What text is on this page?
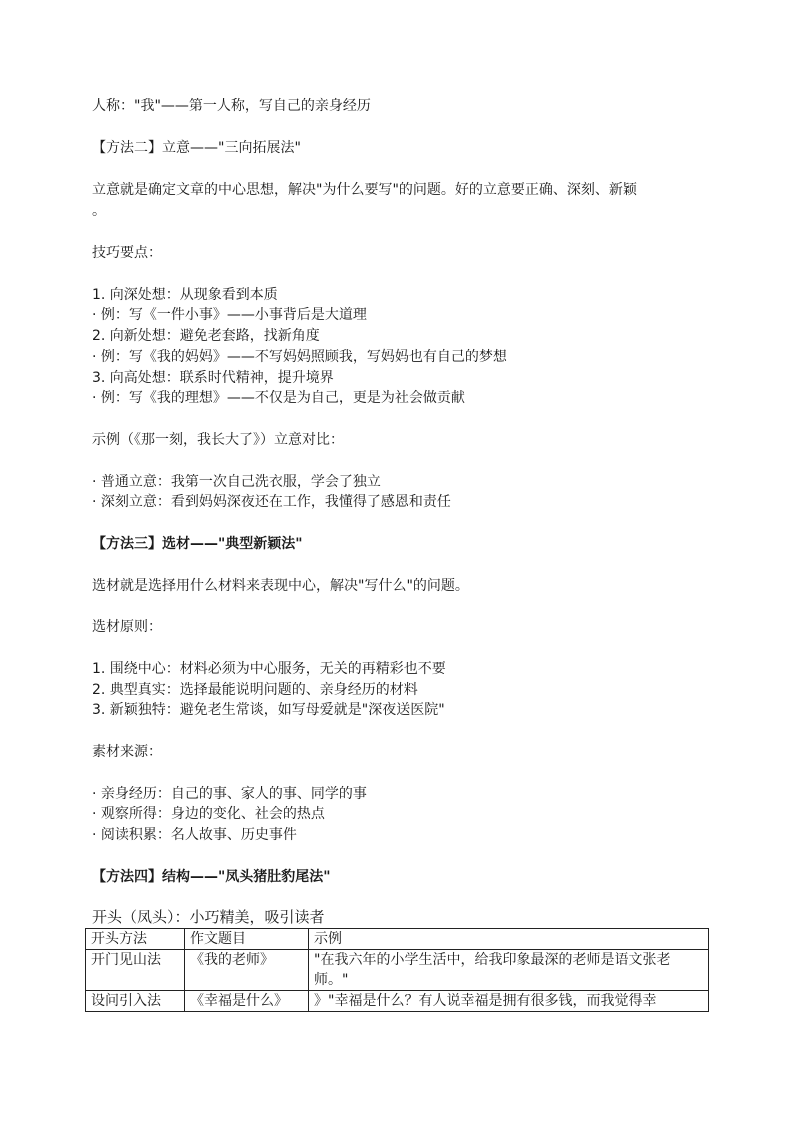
人称："我"——第一人称，写自己的亲身经历
【方法二】立意——"三向拓展法"
立意就是确定文章的中心思想，解决"为什么要写"的问题。好的立意要正确、深刻、新颖
。
技巧要点：
1. 向深处想：从现象看到本质
· 例：写《一件小事》——小事背后是大道理
2. 向新处想：避免老套路，找新角度
· 例：写《我的妈妈》——不写妈妈照顾我，写妈妈也有自己的梦想
3. 向高处想：联系时代精神，提升境界
· 例：写《我的理想》——不仅是为自己，更是为社会做贡献
示例（《那一刻，我长大了》）立意对比：
· 普通立意：我第一次自己洗衣服，学会了独立
· 深刻立意：看到妈妈深夜还在工作，我懂得了感恩和责任
【方法三】选材——"典型新颖法"
选材就是选择用什么材料来表现中心，解决"写什么"的问题。
选材原则：
1. 围绕中心：材料必须为中心服务，无关的再精彩也不要
2. 典型真实：选择最能说明问题的、亲身经历的材料
3. 新颖独特：避免老生常谈，如写母爱就是"深夜送医院"
素材来源：
· 亲身经历：自己的事、家人的事、同学的事
· 观察所得：身边的变化、社会的热点
· 阅读积累：名人故事、历史事件
【方法四】结构——"凤头猪肚豹尾法"
开头（凤头）：小巧精美，吸引读者
开头方法	作文题目	示例
开门见山法	《我的老师》	"在我六年的小学生活中，给我印象最深的老师是语文张老师。"
设问引入法	《幸福是什么》	》"幸福是什么？有人说幸福是拥有很多钱，而我觉得幸
